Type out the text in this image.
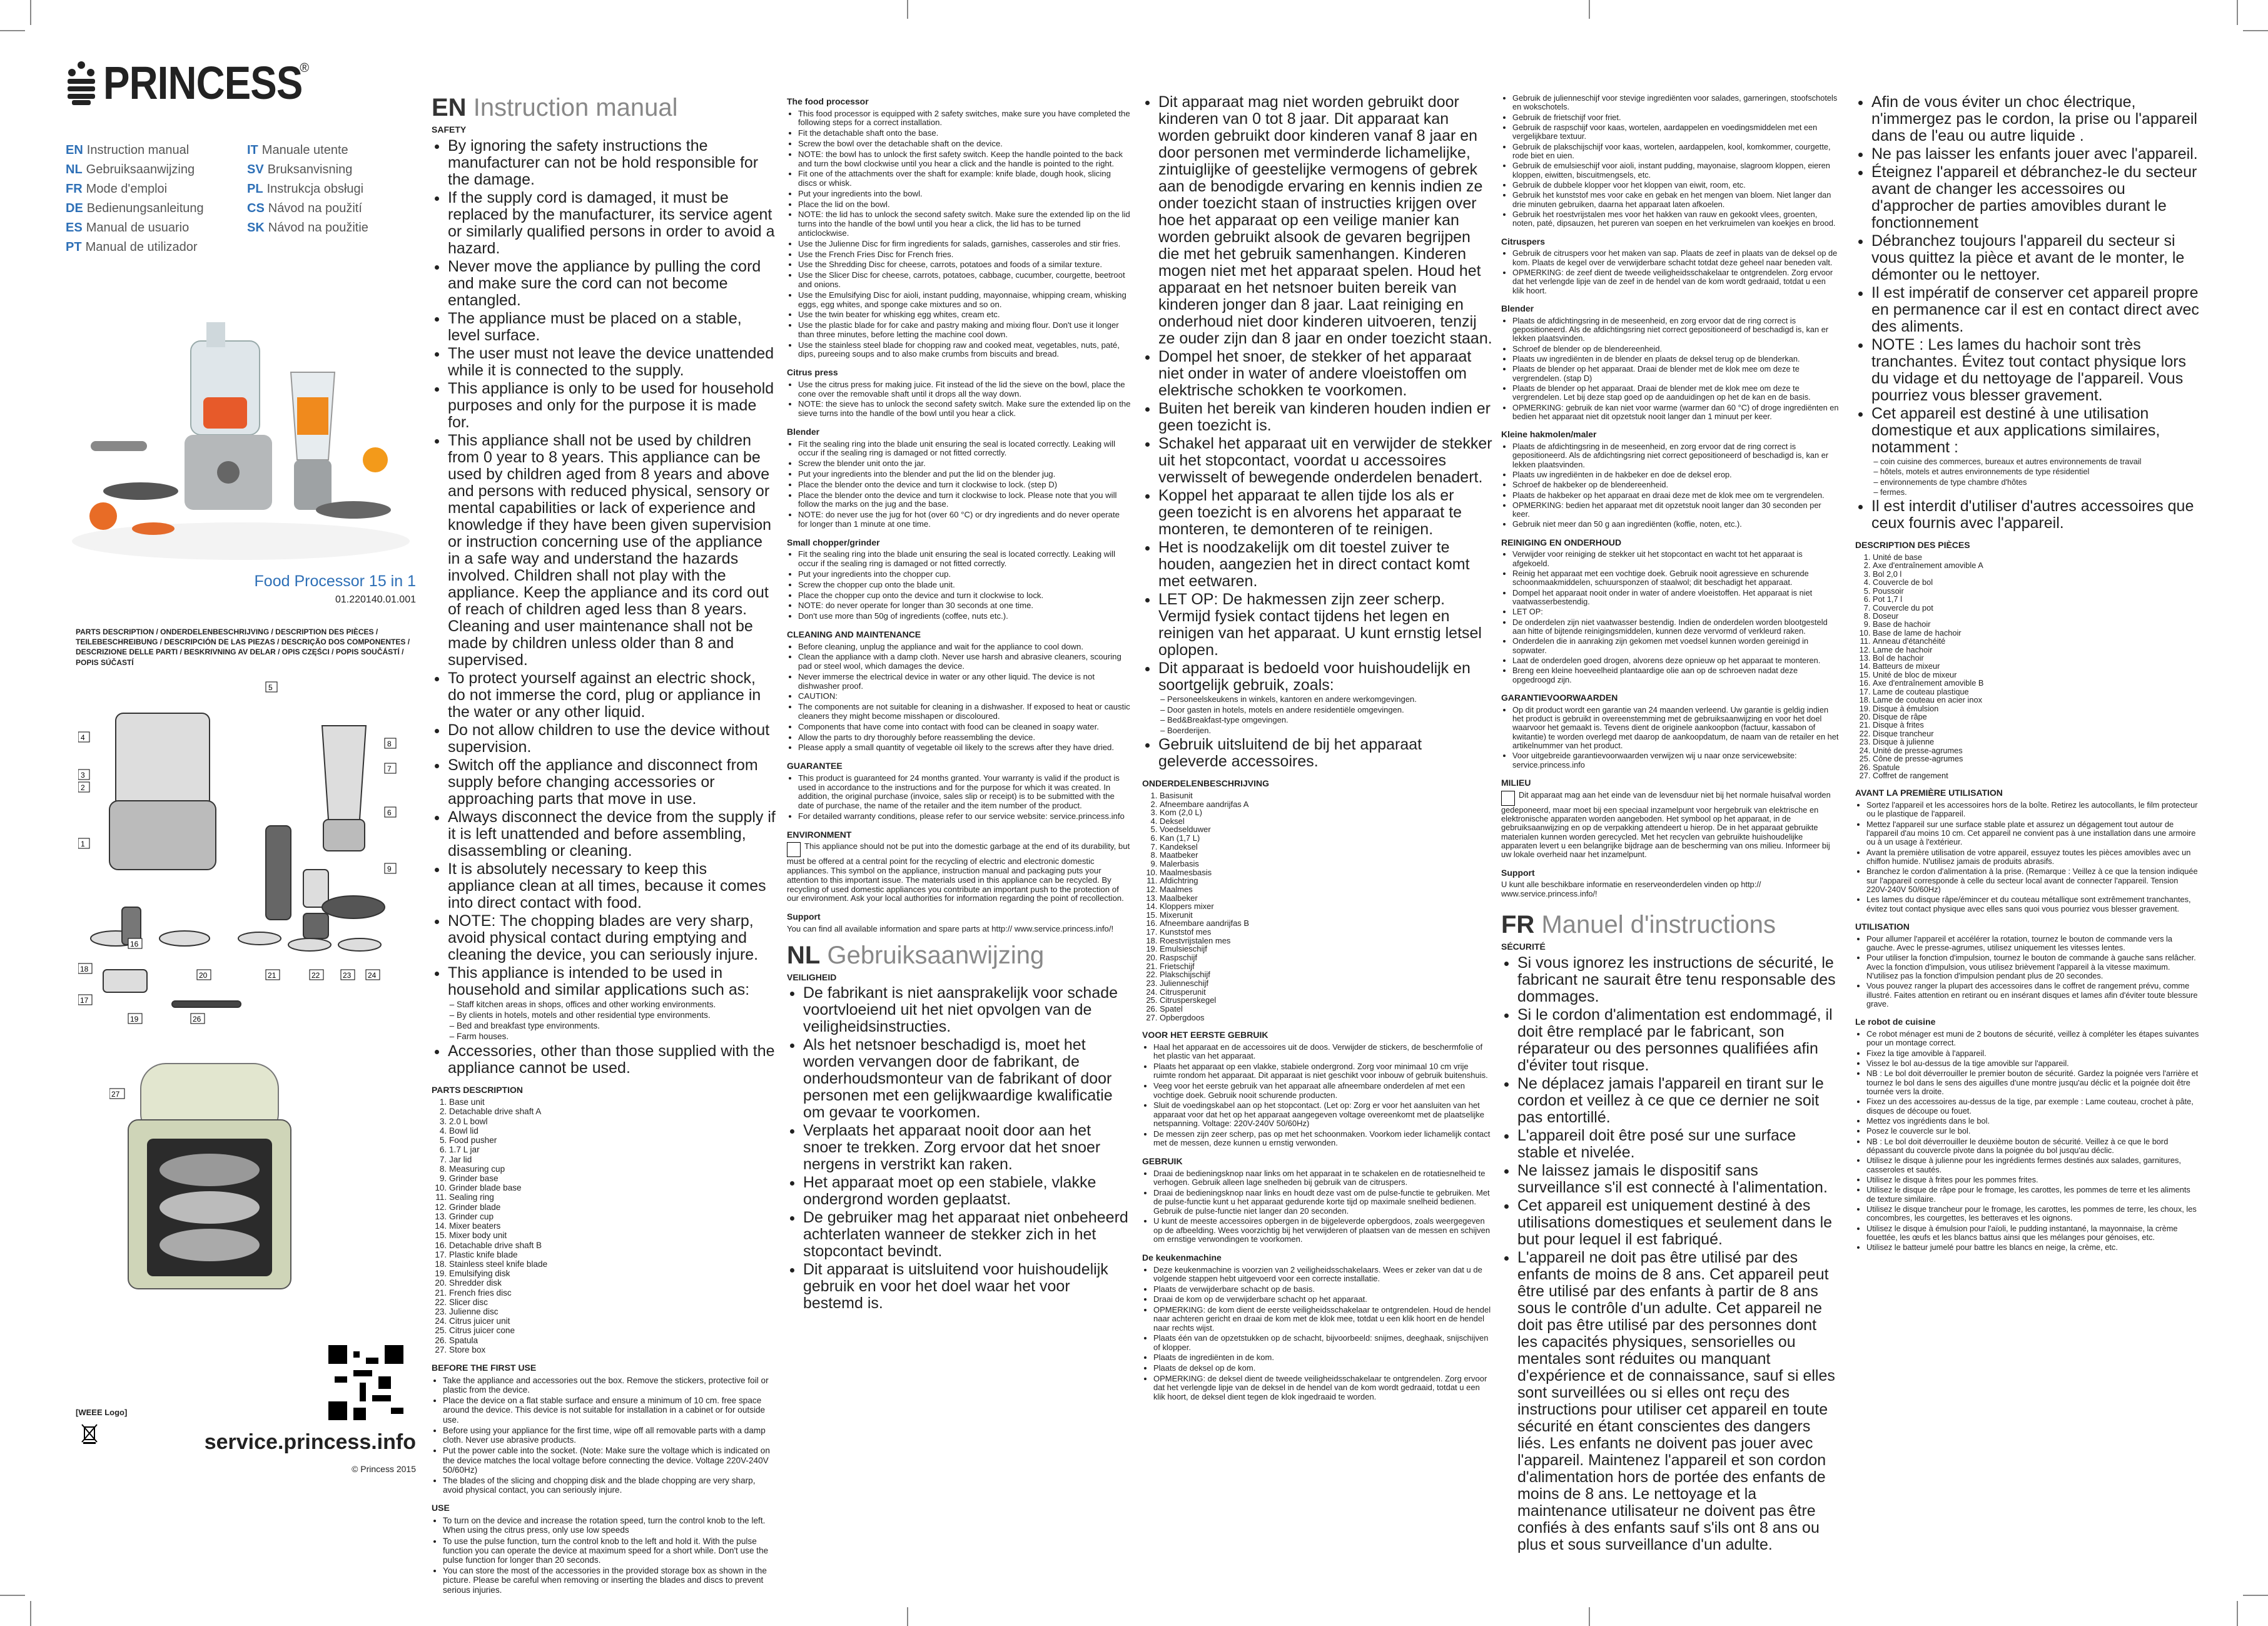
PRINCESS
®
EN Instruction manual	IT Manuale utente
NL Gebruiksaanwijzing	SV Bruksanvisning
FR Mode d'emploi	PL Instrukcja obsługi
DE Bedienungsanleitung	CS Návod na použití
ES Manual de usuario	SK Návod na použitie
PT Manual de utilizador
Food Processor 15 in 1
01.220140.01.001
PARTS DESCRIPTION / ONDERDELENBESCHRIJVING / DESCRIPTION DES PIÈCES / TEILEBESCHREIBUNG / DESCRIPCIÓN DE LAS PIEZAS / DESCRIÇÃO DOS COMPONENTES / DESCRIZIONE DELLE PARTI / BESKRIVNING AV DELAR / OPIS CZĘŚCI / POPIS SOUČÁSTÍ / POPIS SÚČASTÍ
5
4
3
2
1
8
7
6
9
16
18
17
20	21	22	23 24
19	26
27
[WEEE Logo]
service.princess.info
© Princess 2015
EN Instruction manual
SAFETY
• By ignoring the safety instructions the manufacturer can not be hold responsible for the damage.
• If the supply cord is damaged, it must be replaced by the manufacturer, its service agent or similarly qualified persons in order to avoid a hazard.
• Never move the appliance by pulling the cord and make sure the cord can not become entangled.
• The appliance must be placed on a stable, level surface.
• The user must not leave the device unattended while it is connected to the supply.
• This appliance is only to be used for household purposes and only for the purpose it is made for.
• This appliance shall not be used by children from 0 year to 8 years. This appliance can be used by children aged from 8 years and above and persons with reduced physical, sensory or mental capabilities or lack of experience and knowledge if they have been given supervision or instruction concerning use of the appliance in a safe way and understand the hazards involved. Children shall not play with the appliance. Keep the appliance and its cord out of reach of children aged less than 8 years. Cleaning and user maintenance shall not be made by children unless older than 8 and supervised.
• To protect yourself against an electric shock, do not immerse the cord, plug or appliance in the water or any other liquid.
• Do not allow children to use the device without supervision.
• Switch off the appliance and disconnect from supply before changing accessories or approaching parts that move in use.
• Always disconnect the device from the supply if it is left unattended and before assembling, disassembling or cleaning.
• It is absolutely necessary to keep this appliance clean at all times, because it comes into direct contact with food.
• NOTE: The chopping blades are very sharp, avoid physical contact during emptying and cleaning the device, you can seriously injure.
• This appliance is intended to be used in household and similar applications such as:
– Staff kitchen areas in shops, offices and other working environments.
– By clients in hotels, motels and other residential type environments.
– Bed and breakfast type environments.
– Farm houses.
• Accessories, other than those supplied with the appliance cannot be used.
PARTS DESCRIPTION
1. Base unit
2. Detachable drive shaft A
3. 2.0 L bowl
4. Bowl lid
5. Food pusher
6. 1.7 L jar
7. Jar lid
8. Measuring cup
9. Grinder base
10. Grinder blade base
11. Sealing ring
12. Grinder blade
13. Grinder cup
14. Mixer beaters
15. Mixer body unit
16. Detachable drive shaft B
17. Plastic knife blade
18. Stainless steel knife blade
19. Emulsifying disk
20. Shredder disk
21. French fries disc
22. Slicer disc
23. Julienne disc
24. Citrus juicer unit
25. Citrus juicer cone
26. Spatula
27. Store box
BEFORE THE FIRST USE
• Take the appliance and accessories out the box. Remove the stickers, protective foil or plastic from the device.
• Place the device on a flat stable surface and ensure a minimum of 10 cm. free space around the device. This device is not suitable for installation in a cabinet or for outside use.
• Before using your appliance for the first time, wipe off all removable parts with a damp cloth. Never use abrasive products.
• Put the power cable into the socket. (Note: Make sure the voltage which is indicated on the device matches the local voltage before connecting the device. Voltage 220V-240V 50/60Hz)
• The blades of the slicing and chopping disk and the blade chopping are very sharp, avoid physical contact, you can seriously injure.
USE
• To turn on the device and increase the rotation speed, turn the control knob to the left. When using the citrus press, only use low speeds
• To use the pulse function, turn the control knob to the left and hold it. With the pulse function you can operate the device at maximum speed for a short while. Don't use the pulse function for longer than 20 seconds.
• You can store the most of the accessories in the provided storage box as shown in the picture. Please be careful when removing or inserting the blades and discs to prevent serious injuries.
The food processor
• This food processor is equipped with 2 safety switches, make sure you have completed the following steps for a correct installation.
• Fit the detachable shaft onto the base.
• Screw the bowl over the detachable shaft on the device.
• NOTE: the bowl has to unlock the first safety switch. Keep the handle pointed to the back and turn the bowl clockwise until you hear a click and the handle is pointed to the right.
• Fit one of the attachments over the shaft for example: knife blade, dough hook, slicing discs or whisk.
• Put your ingredients into the bowl.
• Place the lid on the bowl.
• NOTE: the lid has to unlock the second safety switch. Make sure the extended lip on the lid turns into the handle of the bowl until you hear a click, the lid has to be turned anticlockwise.
• Use the Julienne Disc for firm ingredients for salads, garnishes, casseroles and stir fries.
• Use the French Fries Disc for French fries.
• Use the Shredding Disc for cheese, carrots, potatoes and foods of a similar texture.
• Use the Slicer Disc for cheese, carrots, potatoes, cabbage, cucumber, courgette, beetroot and onions.
• Use the Emulsifying Disc for aioli, instant pudding, mayonnaise, whipping cream, whisking eggs, egg whites, and sponge cake mixtures and so on.
• Use the twin beater for whisking egg whites, cream etc.
• Use the plastic blade for for cake and pastry making and mixing flour. Don't use it longer than three minutes, before letting the machine cool down.
• Use the stainless steel blade for chopping raw and cooked meat, vegetables, nuts, paté, dips, pureeing soups and to also make crumbs from biscuits and bread.
Citrus press
• Use the citrus press for making juice. Fit instead of the lid the sieve on the bowl, place the cone over the removable shaft until it drops all the way down.
• NOTE: the sieve has to unlock the second safety switch. Make sure the extended lip on the sieve turns into the handle of the bowl until you hear a click.
Blender
• Fit the sealing ring into the blade unit ensuring the seal is located correctly. Leaking will occur if the sealing ring is damaged or not fitted correctly.
• Screw the blender unit onto the jar.
• Put your ingredients into the blender and put the lid on the blender jug.
• Place the blender onto the device and turn it clockwise to lock. (step D)
• Place the blender onto the device and turn it clockwise to lock. Please note that you will follow the marks on the jug and the base.
• NOTE: do never use the jug for hot (over 60 °C) or dry ingredients and do never operate for longer than 1 minute at one time.
Small chopper/grinder
• Fit the sealing ring into the blade unit ensuring the seal is located correctly. Leaking will occur if the sealing ring is damaged or not fitted correctly.
• Put your ingredients into the chopper cup.
• Screw the chopper cup onto the blade unit.
• Place the chopper cup onto the device and turn it clockwise to lock.
• NOTE: do never operate for longer than 30 seconds at one time.
• Don't use more than 50g of ingredients (coffee, nuts etc.).
CLEANING AND MAINTENANCE
• Before cleaning, unplug the appliance and wait for the appliance to cool down.
• Clean the appliance with a damp cloth. Never use harsh and abrasive cleaners, scouring pad or steel wool, which damages the device.
• Never immerse the electrical device in water or any other liquid. The device is not dishwasher proof.
• CAUTION:
• The components are not suitable for cleaning in a dishwasher. If exposed to heat or caustic cleaners they might become misshapen or discoloured.
• Components that have come into contact with food can be cleaned in soapy water.
• Allow the parts to dry thoroughly before reassembling the device.
• Please apply a small quantity of vegetable oil likely to the screws after they have dried.
GUARANTEE
• This product is guaranteed for 24 months granted. Your warranty is valid if the product is used in accordance to the instructions and for the purpose for which it was created. In addition, the original purchase (invoice, sales slip or receipt) is to be submitted with the date of purchase, the name of the retailer and the item number of the product.
• For detailed warranty conditions, please refer to our service website: service.princess.info
ENVIRONMENT

This appliance should not be put into the domestic garbage at the end of its durability, but must be offered at a central point for the recycling of electric and electronic domestic appliances. This symbol on the appliance, instruction manual and packaging puts your attention to this important issue. The materials used in this appliance can be recycled. By recycling of used domestic appliances you contribute an important push to the protection of our environment. Ask your local authorities for information regarding the point of recollection.

Support

You can find all available information and spare parts at http:// www.service.princess.info/!

NL Gebruiksaanwijzing
VEILIGHEID
• De fabrikant is niet aansprakelijk voor schade voortvloeiend uit het niet opvolgen van de veiligheidsinstructies.
• Als het netsnoer beschadigd is, moet het worden vervangen door de fabrikant, de onderhoudsmonteur van de fabrikant of door personen met een gelijkwaardige kwalificatie om gevaar te voorkomen.
• Verplaats het apparaat nooit door aan het snoer te trekken. Zorg ervoor dat het snoer nergens in verstrikt kan raken.
• Het apparaat moet op een stabiele, vlakke ondergrond worden geplaatst.
• De gebruiker mag het apparaat niet onbeheerd achterlaten wanneer de stekker zich in het stopcontact bevindt.
• Dit apparaat is uitsluitend voor huishoudelijk gebruik en voor het doel waar het voor bestemd is.
• Dit apparaat mag niet worden gebruikt door kinderen van 0 tot 8 jaar. Dit apparaat kan worden gebruikt door kinderen vanaf 8 jaar en door personen met verminderde lichamelijke, zintuiglijke of geestelijke vermogens of gebrek aan de benodigde ervaring en kennis indien ze onder toezicht staan of instructies krijgen over hoe het apparaat op een veilige manier kan worden gebruikt alsook de gevaren begrijpen die met het gebruik samenhangen. Kinderen mogen niet met het apparaat spelen. Houd het apparaat en het netsnoer buiten bereik van kinderen jonger dan 8 jaar. Laat reiniging en onderhoud niet door kinderen uitvoeren, tenzij ze ouder zijn dan 8 jaar en onder toezicht staan.
• Dompel het snoer, de stekker of het apparaat niet onder in water of andere vloeistoffen om elektrische schokken te voorkomen.
• Buiten het bereik van kinderen houden indien er geen toezicht is.
• Schakel het apparaat uit en verwijder de stekker uit het stopcontact, voordat u accessoires verwisselt of bewegende onderdelen benadert.
• Koppel het apparaat te allen tijde los als er geen toezicht is en alvorens het apparaat te monteren, te demonteren of te reinigen.
• Het is noodzakelijk om dit toestel zuiver te houden, aangezien het in direct contact komt met eetwaren.
• LET OP: De hakmessen zijn zeer scherp. Vermijd fysiek contact tijdens het legen en reinigen van het apparaat. U kunt ernstig letsel oplopen.
• Dit apparaat is bedoeld voor huishoudelijk en soortgelijk gebruik, zoals:
– Personeelskeukens in winkels, kantoren en andere werkomgevingen.
– Door gasten in hotels, motels en andere residentiële omgevingen.
– Bed&Breakfast-type omgevingen.
– Boerderijen.
• Gebruik uitsluitend de bij het apparaat geleverde accessoires.
ONDERDELENBESCHRIJVING
1. Basisunit
2. Afneembare aandrijfas A
3. Kom (2,0 L)
4. Deksel
5. Voedselduwer
6. Kan (1,7 L)
7. Kandeksel
8. Maatbeker
9. Malerbasis
10. Maalmesbasis
11. Afdichtring
12. Maalmes
13. Maalbeker
14. Kloppers mixer
15. Mixerunit
16. Afneembare aandrijfas B
17. Kunststof mes
18. Roestvrijstalen mes
19. Emulsieschijf
20. Raspschijf
21. Frietschijf
22. Plakschijschijf
23. Julienneschijf
24. Citrusperunit
25. Citrusperskegel
26. Spatel
27. Opbergdoos
VOOR HET EERSTE GEBRUIK
• Haal het apparaat en de accessoires uit de doos. Verwijder de stickers, de beschermfolie of het plastic van het apparaat.
• Plaats het apparaat op een vlakke, stabiele ondergrond. Zorg voor minimaal 10 cm vrije ruimte rondom het apparaat. Dit apparaat is niet geschikt voor inbouw of gebruik buitenshuis.
• Veeg voor het eerste gebruik van het apparaat alle afneembare onderdelen af met een vochtige doek. Gebruik nooit schurende producten.
• Sluit de voedingskabel aan op het stopcontact. (Let op: Zorg er voor het aansluiten van het apparaat voor dat het op het apparaat aangegeven voltage overeenkomt met de plaatselijke netspanning. Voltage: 220V-240V 50/60Hz)
• De messen zijn zeer scherp, pas op met het schoonmaken. Voorkom ieder lichamelijk contact met de messen, deze kunnen u ernstig verwonden.
GEBRUIK
• Draai de bedieningsknop naar links om het apparaat in te schakelen en de rotatiesnelheid te verhogen. Gebruik alleen lage snelheden bij gebruik van de citruspers.
• Draai de bedieningsknop naar links en houdt deze vast om de pulse-functie te gebruiken. Met de pulse-functie kunt u het apparaat gedurende korte tijd op maximale snelheid bedienen. Gebruik de pulse-functie niet langer dan 20 seconden.
• U kunt de meeste accessoires opbergen in de bijgeleverde opbergdoos, zoals weergegeven op de afbeelding. Wees voorzichtig bij het verwijderen of plaatsen van de messen en schijven om ernstige verwondingen te voorkomen.
De keukenmachine
• Deze keukenmachine is voorzien van 2 veiligheidsschakelaars. Wees er zeker van dat u de volgende stappen hebt uitgevoerd voor een correcte installatie.
• Plaats de verwijderbare schacht op de basis.
• Draai de kom op de verwijderbare schacht op het apparaat.
• OPMERKING: de kom dient de eerste veiligheidsschakelaar te ontgrendelen. Houd de hendel naar achteren gericht en draai de kom met de klok mee, totdat u een klik hoort en de hendel naar rechts wijst.
• Plaats één van de opzetstukken op de schacht, bijvoorbeeld: snijmes, deeghaak, snijschijven of klopper.
• Plaats de ingrediënten in de kom.
• Plaats de deksel op de kom.
• OPMERKING: de deksel dient de tweede veiligheidsschakelaar te ontgrendelen. Zorg ervoor dat het verlengde lipje van de deksel in de hendel van de kom wordt gedraaid, totdat u een klik hoort, de deksel dient tegen de klok ingedraaid te worden.
• Gebruik de julienneschijf voor stevige ingrediënten voor salades, garneringen, stoofschotels en wokschotels.
• Gebruik de frietschijf voor friet.
• Gebruik de raspschijf voor kaas, wortelen, aardappelen en voedingsmiddelen met een vergelijkbare textuur.
• Gebruik de plakschijschijf voor kaas, wortelen, aardappelen, kool, komkommer, courgette, rode biet en uien.
• Gebruik de emulsieschijf voor aioli, instant pudding, mayonaise, slagroom kloppen, eieren kloppen, eiwitten, biscuitmengsels, etc.
• Gebruik de dubbele klopper voor het kloppen van eiwit, room, etc.
• Gebruik het kunststof mes voor cake en gebak en het mengen van bloem. Niet langer dan drie minuten gebruiken, daarna het apparaat laten afkoelen.
• Gebruik het roestvrijstalen mes voor het hakken van rauw en gekookt vlees, groenten, noten, paté, dipsauzen, het pureren van soepen en het verkruimelen van koekjes en brood.
Citruspers
• Gebruik de citruspers voor het maken van sap. Plaats de zeef in plaats van de deksel op de kom. Plaats de kegel over de verwijderbare schacht totdat deze geheel naar beneden valt.
• OPMERKING: de zeef dient de tweede veiligheidsschakelaar te ontgrendelen. Zorg ervoor dat het verlengde lipje van de zeef in de hendel van de kom wordt gedraaid, totdat u een klik hoort.
Blender
• Plaats de afdichtingsring in de meseenheid, en zorg ervoor dat de ring correct is gepositioneerd. Als de afdichtingsring niet correct gepositioneerd of beschadigd is, kan er lekken plaatsvinden.
• Schroef de blender op de blendereenheid.
• Plaats uw ingrediënten in de blender en plaats de deksel terug op de blenderkan.
• Plaats de blender op het apparaat. Draai de blender met de klok mee om deze te vergrendelen. (stap D)
• Plaats de blender op het apparaat. Draai de blender met de klok mee om deze te vergrendelen. Let bij deze stap goed op de aanduidingen op het de kan en de basis.
• OPMERKING: gebruik de kan niet voor warme (warmer dan 60 °C) of droge ingrediënten en bedien het apparaat niet dit opzetstuk nooit langer dan 1 minuut per keer.
Kleine hakmolen/maler
• Plaats de afdichtingsring in de meseenheid, en zorg ervoor dat de ring correct is gepositioneerd. Als de afdichtingsring niet correct gepositioneerd of beschadigd is, kan er lekken plaatsvinden.
• Plaats uw ingrediënten in de hakbeker en doe de deksel erop.
• Schroef de hakbeker op de blendereenheid.
• Plaats de hakbeker op het apparaat en draai deze met de klok mee om te vergrendelen.
• OPMERKING: bedien het apparaat met dit opzetstuk nooit langer dan 30 seconden per keer.
• Gebruik niet meer dan 50 g aan ingrediënten (koffie, noten, etc.).
REINIGING EN ONDERHOUD
• Verwijder voor reiniging de stekker uit het stopcontact en wacht tot het apparaat is afgekoeld.
• Reinig het apparaat met een vochtige doek. Gebruik nooit agressieve en schurende schoonmaakmiddelen, schuursponzen of staalwol; dit beschadigt het apparaat.
• Dompel het apparaat nooit onder in water of andere vloeistoffen. Het apparaat is niet vaatwasserbestendig.
• LET OP:
• De onderdelen zijn niet vaatwasser bestendig. Indien de onderdelen worden blootgesteld aan hitte of bijtende reinigingsmiddelen, kunnen deze vervormd of verkleurd raken.
• Onderdelen die in aanraking zijn gekomen met voedsel kunnen worden gereinigd in sopwater.
• Laat de onderdelen goed drogen, alvorens deze opnieuw op het apparaat te monteren.
• Breng een kleine hoeveelheid plantaardige olie aan op de schroeven nadat deze opgedroogd zijn.
GARANTIEVOORWAARDEN
• Op dit product wordt een garantie van 24 maanden verleend. Uw garantie is geldig indien het product is gebruikt in overeenstemming met de gebruiksaanwijzing en voor het doel waarvoor het gemaakt is. Tevens dient de originele aankoopbon (factuur, kassabon of kwitantie) te worden overlegd met daarop de aankoopdatum, de naam van de retailer en het artikelnummer van het product.
• Voor uitgebreide garantievoorwaarden verwijzen wij u naar onze servicewebsite: service.princess.info
MILIEU

Dit apparaat mag aan het einde van de levensduur niet bij het normale huisafval worden gedeponeerd, maar moet bij een speciaal inzamelpunt voor hergebruik van elektrische en elektronische apparaten worden aangeboden. Het symbool op het apparaat, in de gebruiksaanwijzing en op de verpakking attendeert u hierop. De in het apparaat gebruikte materialen kunnen worden gerecycled. Met het recyclen van gebruikte huishoudelijke apparaten levert u een belangrijke bijdrage aan de bescherming van ons milieu. Informeer bij uw lokale overheid naar het inzamelpunt.

Support

U kunt alle beschikbare informatie en reserveonderdelen vinden op http:// www.service.princess.info/!

FR Manuel d'instructions
SÉCURITÉ
• Si vous ignorez les instructions de sécurité, le fabricant ne saurait être tenu responsable des dommages.
• Si le cordon d'alimentation est endommagé, il doit être remplacé par le fabricant, son réparateur ou des personnes qualifiées afin d'éviter tout risque.
• Ne déplacez jamais l'appareil en tirant sur le cordon et veillez à ce que ce dernier ne soit pas entortillé.
• L'appareil doit être posé sur une surface stable et nivelée.
• Ne laissez jamais le dispositif sans surveillance s'il est connecté à l'alimentation.
• Cet appareil est uniquement destiné à des utilisations domestiques et seulement dans le but pour lequel il est fabriqué.
• L'appareil ne doit pas être utilisé par des enfants de moins de 8 ans. Cet appareil peut être utilisé par des enfants à partir de 8 ans sous le contrôle d'un adulte. Cet appareil ne doit pas être utilisé par des personnes dont les capacités physiques, sensorielles ou mentales sont réduites ou manquant d'expérience et de connaissance, sauf si elles sont surveillées ou si elles ont reçu des instructions pour utiliser cet appareil en toute sécurité en étant conscientes des dangers liés. Les enfants ne doivent pas jouer avec l'appareil. Maintenez l'appareil et son cordon d'alimentation hors de portée des enfants de moins de 8 ans. Le nettoyage et la maintenance utilisateur ne doivent pas être confiés à des enfants sauf s'ils ont 8 ans ou plus et sous surveillance d'un adulte.
• Afin de vous éviter un choc électrique, n'immergez pas le cordon, la prise ou l'appareil dans de l'eau ou autre liquide .
• Ne pas laisser les enfants jouer avec l'appareil.
• Éteignez l'appareil et débranchez-le du secteur avant de changer les accessoires ou d'approcher de parties amovibles durant le fonctionnement
• Débranchez toujours l'appareil du secteur si vous quittez la pièce et avant de le monter, le démonter ou le nettoyer.
• Il est impératif de conserver cet appareil propre en permanence car il est en contact direct avec des aliments.
• NOTE : Les lames du hachoir sont très tranchantes. Évitez tout contact physique lors du vidage et du nettoyage de l'appareil. Vous pourriez vous blesser gravement.
• Cet appareil est destiné à une utilisation domestique et aux applications similaires, notamment :
– coin cuisine des commerces, bureaux et autres environnements de travail
– hôtels, motels et autres environnements de type résidentiel
– environnements de type chambre d'hôtes
– fermes.
• Il est interdit d'utiliser d'autres accessoires que ceux fournis avec l'appareil.
DESCRIPTION DES PIÈCES
1. Unité de base
2. Axe d'entraînement amovible A
3. Bol 2,0 l
4. Couvercle de bol
5. Poussoir
6. Pot 1,7 l
7. Couvercle du pot
8. Doseur
9. Base de hachoir
10. Base de lame de hachoir
11. Anneau d'étanchéité
12. Lame de hachoir
13. Bol de hachoir
14. Batteurs de mixeur
15. Unité de bloc de mixeur
16. Axe d'entraînement amovible B
17. Lame de couteau plastique
18. Lame de couteau en acier inox
19. Disque à émulsion
20. Disque de râpe
21. Disque à frites
22. Disque trancheur
23. Disque à julienne
24. Unité de presse-agrumes
25. Cône de presse-agrumes
26. Spatule
27. Coffret de rangement
AVANT LA PREMIÈRE UTILISATION
• Sortez l'appareil et les accessoires hors de la boîte. Retirez les autocollants, le film protecteur ou le plastique de l'appareil.
• Mettez l'appareil sur une surface stable plate et assurez un dégagement tout autour de l'appareil d'au moins 10 cm. Cet appareil ne convient pas à une installation dans une armoire ou à un usage à l'extérieur.
• Avant la première utilisation de votre appareil, essuyez toutes les pièces amovibles avec un chiffon humide. N'utilisez jamais de produits abrasifs.
• Branchez le cordon d'alimentation à la prise. (Remarque : Veillez à ce que la tension indiquée sur l'appareil corresponde à celle du secteur local avant de connecter l'appareil. Tension 220V-240V 50/60Hz)
• Les lames du disque râpe/émincer et du couteau métallique sont extrêmement tranchantes, évitez tout contact physique avec elles sans quoi vous pourriez vous blesser gravement.
UTILISATION
• Pour allumer l'appareil et accélérer la rotation, tournez le bouton de commande vers la gauche. Avec le presse-agrumes, utilisez uniquement les vitesses lentes.
• Pour utiliser la fonction d'impulsion, tournez le bouton de commande à gauche sans relâcher. Avec la fonction d'impulsion, vous utilisez brièvement l'appareil à la vitesse maximum. N'utilisez pas la fonction d'impulsion pendant plus de 20 secondes.
• Vous pouvez ranger la plupart des accessoires dans le coffret de rangement prévu, comme illustré. Faites attention en retirant ou en insérant disques et lames afin d'éviter toute blessure grave.
Le robot de cuisine
• Ce robot ménager est muni de 2 boutons de sécurité, veillez à compléter les étapes suivantes pour un montage correct.
• Fixez la tige amovible à l'appareil.
• Vissez le bol au-dessus de la tige amovible sur l'appareil.
• NB : Le bol doit déverrouiller le premier bouton de sécurité. Gardez la poignée vers l'arrière et tournez le bol dans le sens des aiguilles d'une montre jusqu'au déclic et la poignée doit être tournée vers la droite.
• Fixez un des accessoires au-dessus de la tige, par exemple : Lame couteau, crochet à pâte, disques de découpe ou fouet.
• Mettez vos ingrédients dans le bol.
• Posez le couvercle sur le bol.
• NB : Le bol doit déverrouiller le deuxième bouton de sécurité. Veillez à ce que le bord dépassant du couvercle pivote dans la poignée du bol jusqu'au déclic.
• Utilisez le disque à julienne pour les ingrédients fermes destinés aux salades, garnitures, casseroles et sautés.
• Utilisez le disque à frites pour les pommes frites.
• Utilisez le disque de râpe pour le fromage, les carottes, les pommes de terre et les aliments de texture similaire.
• Utilisez le disque trancheur pour le fromage, les carottes, les pommes de terre, les choux, les concombres, les courgettes, les betteraves et les oignons.
• Utilisez le disque à émulsion pour l'aïoli, le pudding instantané, la mayonnaise, la crème fouettée, les œufs et les blancs battus ainsi que les mélanges pour génoises, etc.
• Utilisez le batteur jumelé pour battre les blancs en neige, la crème, etc.
